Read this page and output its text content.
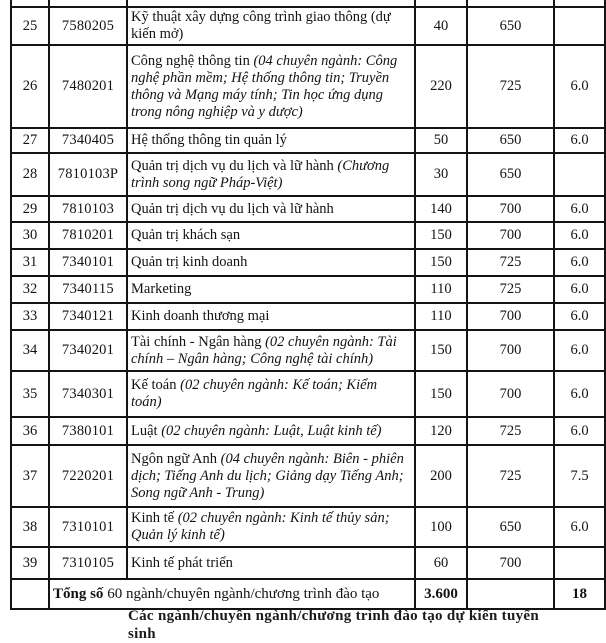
25	7580205	Kỹ thuật xây dựng công trình giao thông (dự kiến mở)	40	650	
26	7480201	Công nghệ thông tin (04 chuyên ngành: Công nghệ phần mềm; Hệ thống thông tin; Truyền thông và Mạng máy tính; Tin học ứng dụng trong nông nghiệp và y dược)	220	725	6.0
27	7340405	Hệ thống thông tin quản lý	50	650	6.0
28	7810103P	Quản trị dịch vụ du lịch và lữ hành (Chương trình song ngữ Pháp-Việt)	30	650	
29	7810103	Quản trị dịch vụ du lịch và lữ hành	140	700	6.0
30	7810201	Quản trị khách sạn	150	700	6.0
31	7340101	Quản trị kinh doanh	150	725	6.0
32	7340115	Marketing	110	725	6.0
33	7340121	Kinh doanh thương mại	110	700	6.0
34	7340201	Tài chính - Ngân hàng (02 chuyên ngành: Tài chính – Ngân hàng; Công nghệ tài chính)	150	700	6.0
35	7340301	Kế toán (02 chuyên ngành: Kế toán; Kiểm toán)	150	700	6.0
36	7380101	Luật (02 chuyên ngành: Luật, Luật kinh tế)	120	725	6.0
37	7220201	Ngôn ngữ Anh (04 chuyên ngành: Biên - phiên dịch; Tiếng Anh du lịch; Giảng dạy Tiếng Anh; Song ngữ Anh - Trung)	200	725	7.5
38	7310101	Kinh tế (02 chuyên ngành: Kinh tế thủy sản; Quản lý kinh tế)	100	650	6.0
39	7310105	Kinh tế phát triển	60	700	
	Tổng số 60 ngành/chuyên ngành/chương trình đào tạo		3.600		18
Các ngành/chuyên ngành/chương trình đào tạo dự kiến tuyển sinh
